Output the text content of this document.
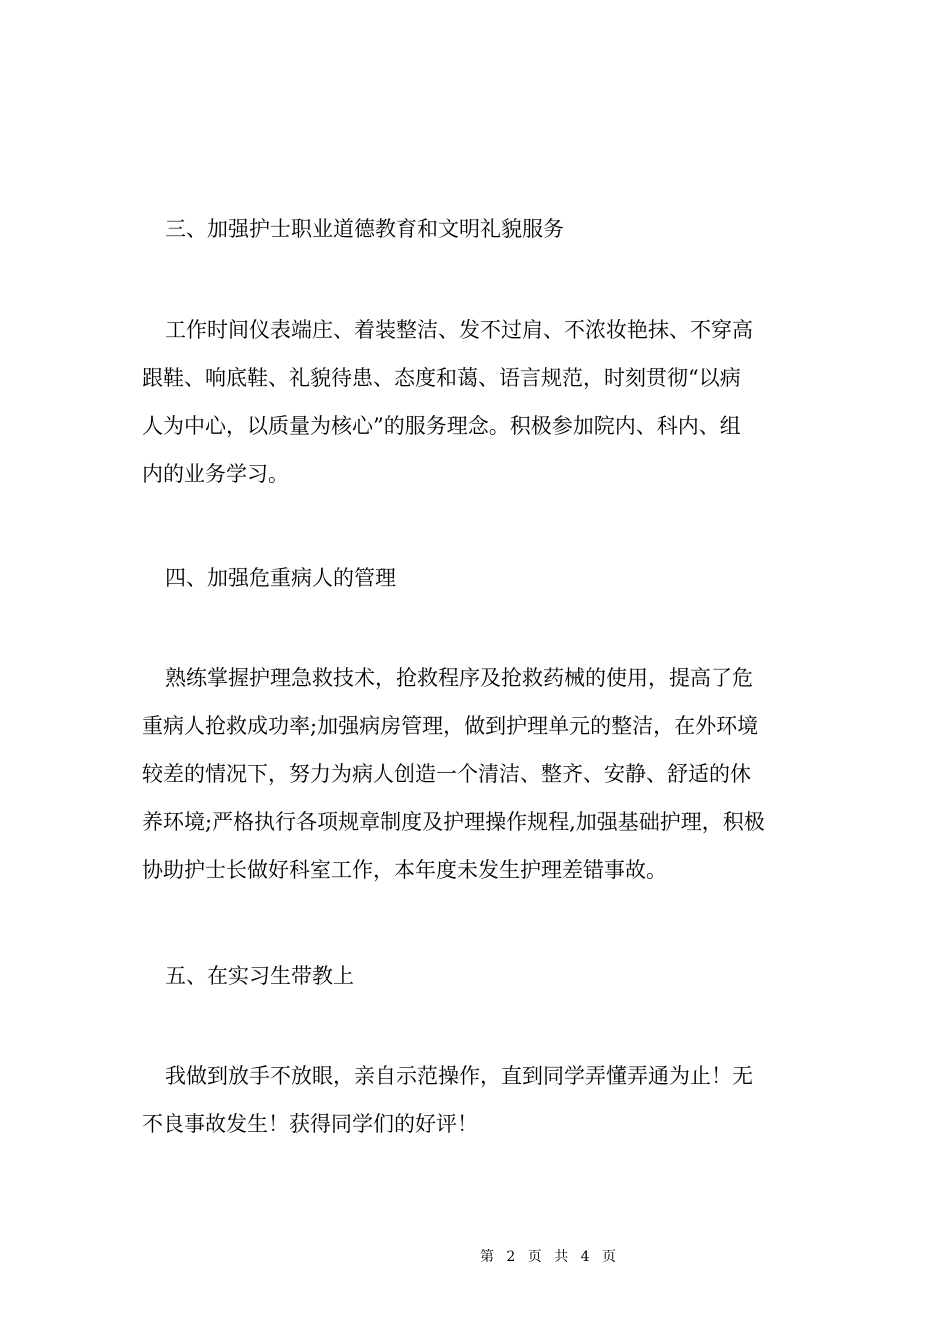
三、加强护士职业道德教育和文明礼貌服务
工作时间仪表端庄、着装整洁、发不过肩、不浓妆艳抹、不穿高
跟鞋、响底鞋、礼貌待患、态度和蔼、语言规范，时刻贯彻“以病
人为中心，以质量为核心”的服务理念。积极参加院内、科内、组
内的业务学习。
四、加强危重病人的管理
熟练掌握护理急救技术，抢救程序及抢救药械的使用，提高了危
重病人抢救成功率;加强病房管理，做到护理单元的整洁，在外环境
较差的情况下，努力为病人创造一个清洁、整齐、安静、舒适的休
养环境;严格执行各项规章制度及护理操作规程,加强基础护理，积极
协助护士长做好科室工作，本年度未发生护理差错事故。
五、在实习生带教上
我做到放手不放眼，亲自示范操作，直到同学弄懂弄通为止！无
不良事故发生！获得同学们的好评！
第 2 页 共 4 页
